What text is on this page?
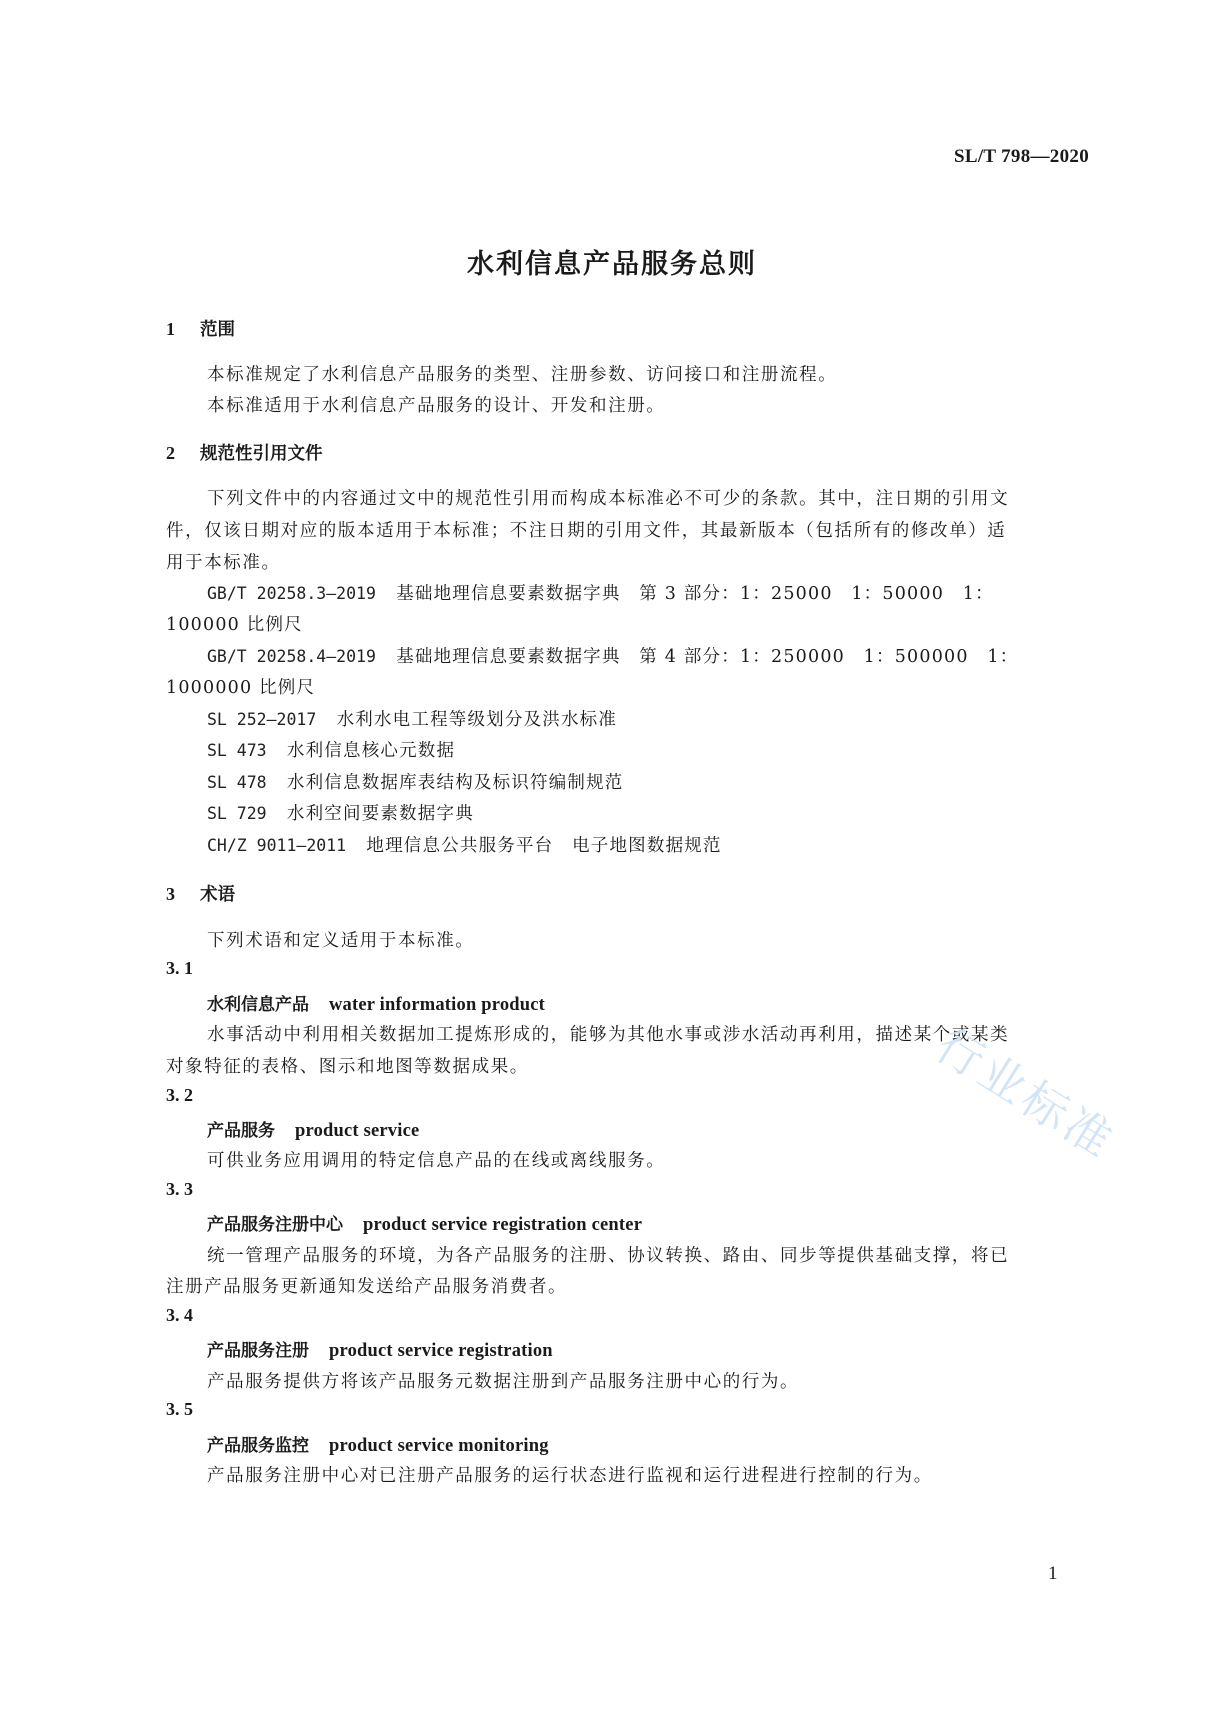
SL/T 798—2020
水利信息产品服务总则
1 范围
本标准规定了水利信息产品服务的类型、注册参数、访问接口和注册流程。
本标准适用于水利信息产品服务的设计、开发和注册。
2 规范性引用文件
下列文件中的内容通过文中的规范性引用而构成本标准必不可少的条款。其中，注日期的引用文
件，仅该日期对应的版本适用于本标准；不注日期的引用文件，其最新版本（包括所有的修改单）适
用于本标准。
GB/T 20258.3—2019 基础地理信息要素数据字典　第 3 部分：1：25000　1：50000　1：
100000 比例尺
GB/T 20258.4—2019 基础地理信息要素数据字典　第 4 部分：1：250000　1：500000　1：
1000000 比例尺
SL 252—2017 水利水电工程等级划分及洪水标准
SL 473 水利信息核心元数据
SL 478 水利信息数据库表结构及标识符编制规范
SL 729 水利空间要素数据字典
CH/Z 9011—2011 地理信息公共服务平台　电子地图数据规范
3 术语
下列术语和定义适用于本标准。
3. 1
水利信息产品 water information product
水事活动中利用相关数据加工提炼形成的，能够为其他水事或涉水活动再利用，描述某个或某类
对象特征的表格、图示和地图等数据成果。
3. 2
产品服务 product service
可供业务应用调用的特定信息产品的在线或离线服务。
3. 3
产品服务注册中心 product service registration center
统一管理产品服务的环境，为各产品服务的注册、协议转换、路由、同步等提供基础支撑，将已
注册产品服务更新通知发送给产品服务消费者。
3. 4
产品服务注册 product service registration
产品服务提供方将该产品服务元数据注册到产品服务注册中心的行为。
3. 5
产品服务监控 product service monitoring
产品服务注册中心对已注册产品服务的运行状态进行监视和运行进程进行控制的行为。
行业标准
1
